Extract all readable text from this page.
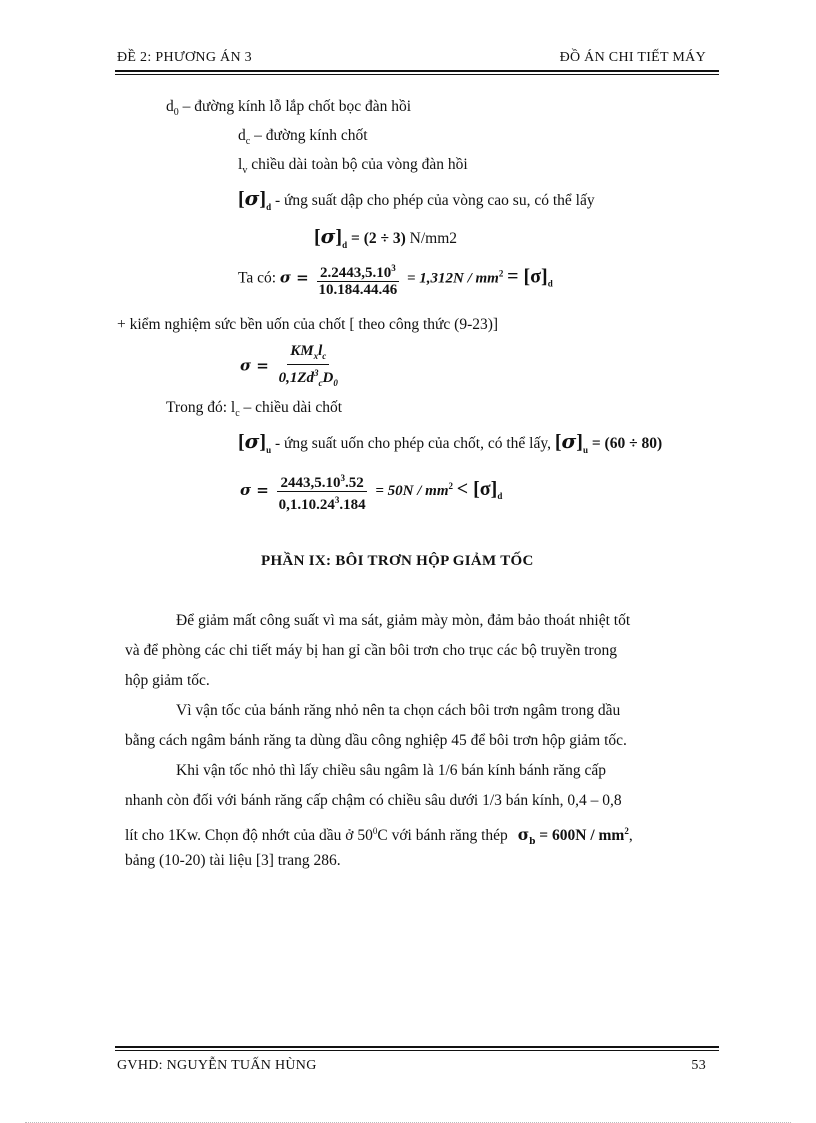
ĐỀ 2: PHƯƠNG ÁN 3	ĐỒ ÁN CHI TIẾT MÁY
$d_0$ – đường kính lỗ lắp chốt bọc đàn hồi
$d_c$ – đường kính chốt
$l_v$ chiều dài toàn bộ của vòng đàn hồi
$[\sigma]_d$ - ứng suất dập cho phép của vòng cao su, có thể lấy
$[\sigma]_d = (2 \div 3)$ N/mm2
Ta có: $\sigma = \frac{2.2443,5.10^3}{10.184.44.46} = 1,312N / mm^2 = [\sigma]_d$
+ kiểm nghiệm sức bền uốn của chốt [ theo công thức (9-23)]
$\sigma = \frac{KM_xl_c}{0,1Zd^3_cD_0}$
Trong đó: $l_c$ – chiều dài chốt
$[\sigma]_u$ - ứng suất uốn cho phép của chốt, có thể lấy, $[\sigma]_u = (60 \div 80)$
$\sigma = \frac{2443,5.10^3.52}{0,1.10.24^3.184} = 50N / mm^2 < [\sigma]_d$
PHẦN IX: BÔI TRƠN HỘP GIẢM TỐC
Để giảm mất công suất vì ma sát, giảm mày mòn, đảm bảo thoát nhiệt tốt
và để phòng các chi tiết máy bị han gỉ cần bôi trơn cho trục các bộ truyền trong
hộp giảm tốc.
Vì vận tốc của bánh răng nhỏ nên ta chọn cách bôi trơn ngâm trong dầu
bằng cách ngâm bánh răng ta dùng dầu công nghiệp 45 để bôi trơn hộp giảm tốc.
Khi vận tốc nhỏ thì lấy chiều sâu ngâm là 1/6 bán kính bánh răng cấp
nhanh còn đối với bánh răng cấp chậm có chiều sâu dưới 1/3 bán kính, 0,4 – 0,8
lít cho 1Kw. Chọn độ nhớt của dầu ở $50^0C$ với bánh răng thép $\sigma_b = 600N / mm^2$,
bảng (10-20) tài liệu [3] trang 286.
GVHD: NGUYỄN TUẤN HÙNG	53
